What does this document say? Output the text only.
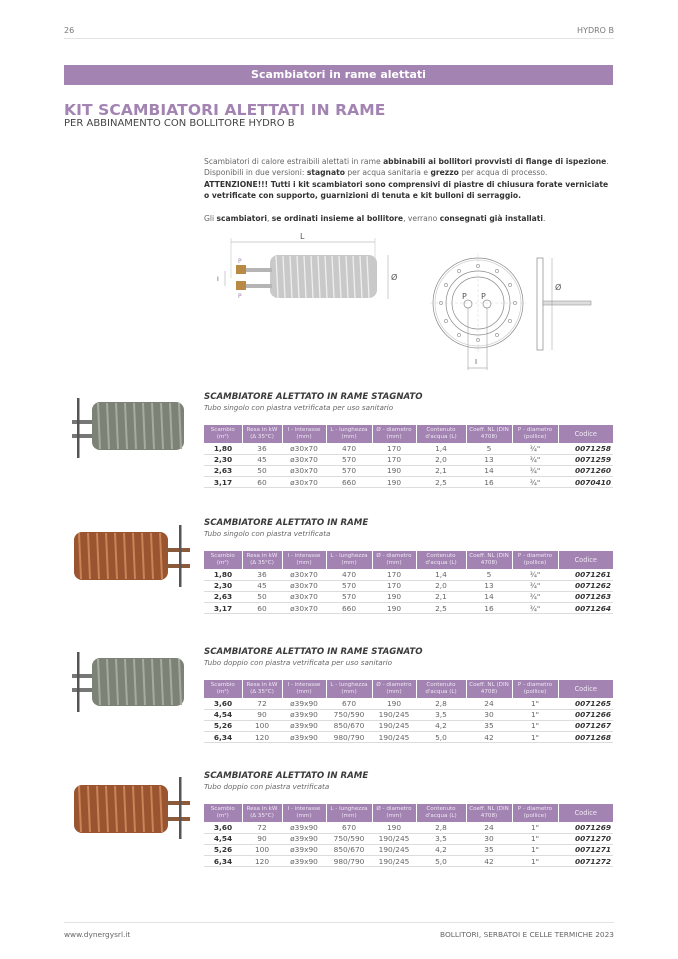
26	HYDRO B
Scambiatori in rame alettati
KIT SCAMBIATORI ALETTATI IN RAME
PER ABBINAMENTO CON BOLLITORE HYDRO B

Scambiatori di calore estraibili alettati in rame abbinabili ai bollitori provvisti di flange di ispezione.

Disponibili in due versioni: stagnato per acqua sanitaria e grezzo per acqua di processo.

ATTENZIONE!!! Tutti i kit scambiatori sono comprensivi di piastre di chiusura forate verniciate o vetrificate con supporto, guarnizioni di tenuta e kit bulloni di serraggio.

Gli scambiatori, se ordinati insieme al bollitore, verrano consegnati già installati.

L
P
P
I	Ø
P P
I
Ø
SCAMBIATORE ALETTATO IN RAME STAGNATO
Tubo singolo con piastra vetrificata per uso sanitario
Scambio (m²)	Resa in kW (Δ 35°C)	I - interasse (mm)	L - lunghezza (mm)	Ø - diametro (mm)	Contenuto d'acqua (L)	Coeff. NL (DIN 4708)	P - diametro (pollice)	Codice
1,80	36	ø30x70	470	170	1,4	5	¾"	0071258
2,30	45	ø30x70	570	170	2,0	13	¾"	0071259
2,63	50	ø30x70	570	190	2,1	14	¾"	0071260
3,17	60	ø30x70	660	190	2,5	16	¾"	0070410
SCAMBIATORE ALETTATO IN RAME
Tubo singolo con piastra vetrificata
Scambio (m²)	Resa in kW (Δ 35°C)	I - interasse (mm)	L - lunghezza (mm)	Ø - diametro (mm)	Contenuto d'acqua (L)	Coeff. NL (DIN 4708)	P - diametro (pollice)	Codice
1,80	36	ø30x70	470	170	1,4	5	¾"	0071261
2,30	45	ø30x70	570	170	2,0	13	¾"	0071262
2,63	50	ø30x70	570	190	2,1	14	¾"	0071263
3,17	60	ø30x70	660	190	2,5	16	¾"	0071264
SCAMBIATORE ALETTATO IN RAME STAGNATO
Tubo doppio con piastra vetrificata per uso sanitario
Scambio (m²)	Resa in kW (Δ 35°C)	I - interasse (mm)	L - lunghezza (mm)	Ø - diametro (mm)	Contenuto d'acqua (L)	Coeff. NL (DIN 4708)	P - diametro (pollice)	Codice
3,60	72	ø39x90	670	190	2,8	24	1"	0071265
4,54	90	ø39x90	750/590	190/245	3,5	30	1"	0071266
5,26	100	ø39x90	850/670	190/245	4,2	35	1"	0071267
6,34	120	ø39x90	980/790	190/245	5,0	42	1"	0071268
SCAMBIATORE ALETTATO IN RAME
Tubo doppio con piastra vetrificata
Scambio (m²)	Resa in kW (Δ 35°C)	I - interasse (mm)	L - lunghezza (mm)	Ø - diametro (mm)	Contenuto d'acqua (L)	Coeff. NL (DIN 4708)	P - diametro (pollice)	Codice
3,60	72	ø39x90	670	190	2,8	24	1"	0071269
4,54	90	ø39x90	750/590	190/245	3,5	30	1"	0071270
5,26	100	ø39x90	850/670	190/245	4,2	35	1"	0071271
6,34	120	ø39x90	980/790	190/245	5,0	42	1"	0071272
www.dynergysrl.it	BOLLITORI, SERBATOI E CELLE TERMICHE 2023
